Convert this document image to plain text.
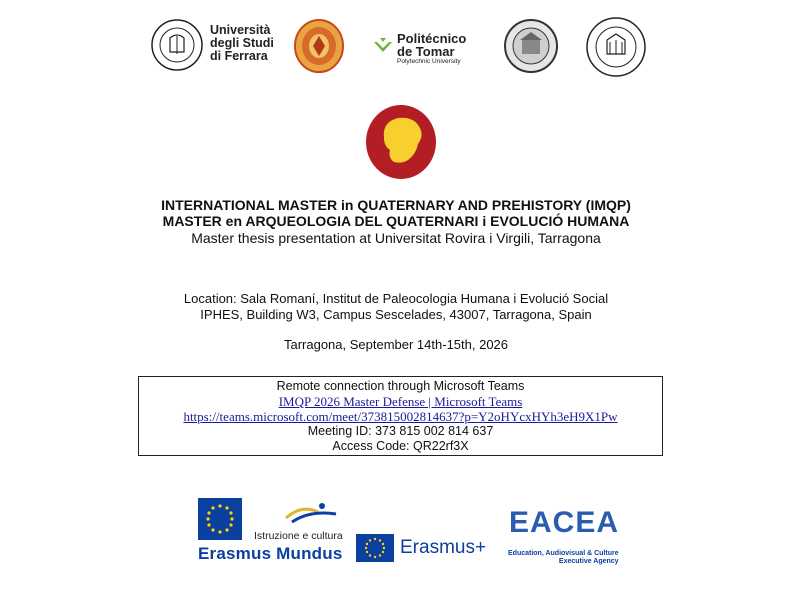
Università
degli Studi
di Ferrara
Politécnico
de Tomar
Polytechnic University
INTERNATIONAL MASTER in QUATERNARY AND PREHISTORY (IMQP)
MASTER en ARQUEOLOGIA DEL QUATERNARI i EVOLUCIÓ HUMANA
Master thesis presentation at Universitat Rovira i Virgili, Tarragona
Location: Sala Romaní, Institut de Paleocologia Humana i Evolució Social
IPHES, Building W3, Campus Sescelades, 43007, Tarragona, Spain
Tarragona, September 14th-15th, 2026
Remote connection through Microsoft Teams
IMQP 2026 Master Defense | Microsoft Teams
https://teams.microsoft.com/meet/373815002814637?p=Y2oHYcxHYh3eH9X1Pw
Meeting ID: 373 815 002 814 637
Access Code: QR22rf3X
Istruzione e cultura
Erasmus Mundus	Erasmus+
EACEA
Education, Audiovisual & Culture
Executive Agency
